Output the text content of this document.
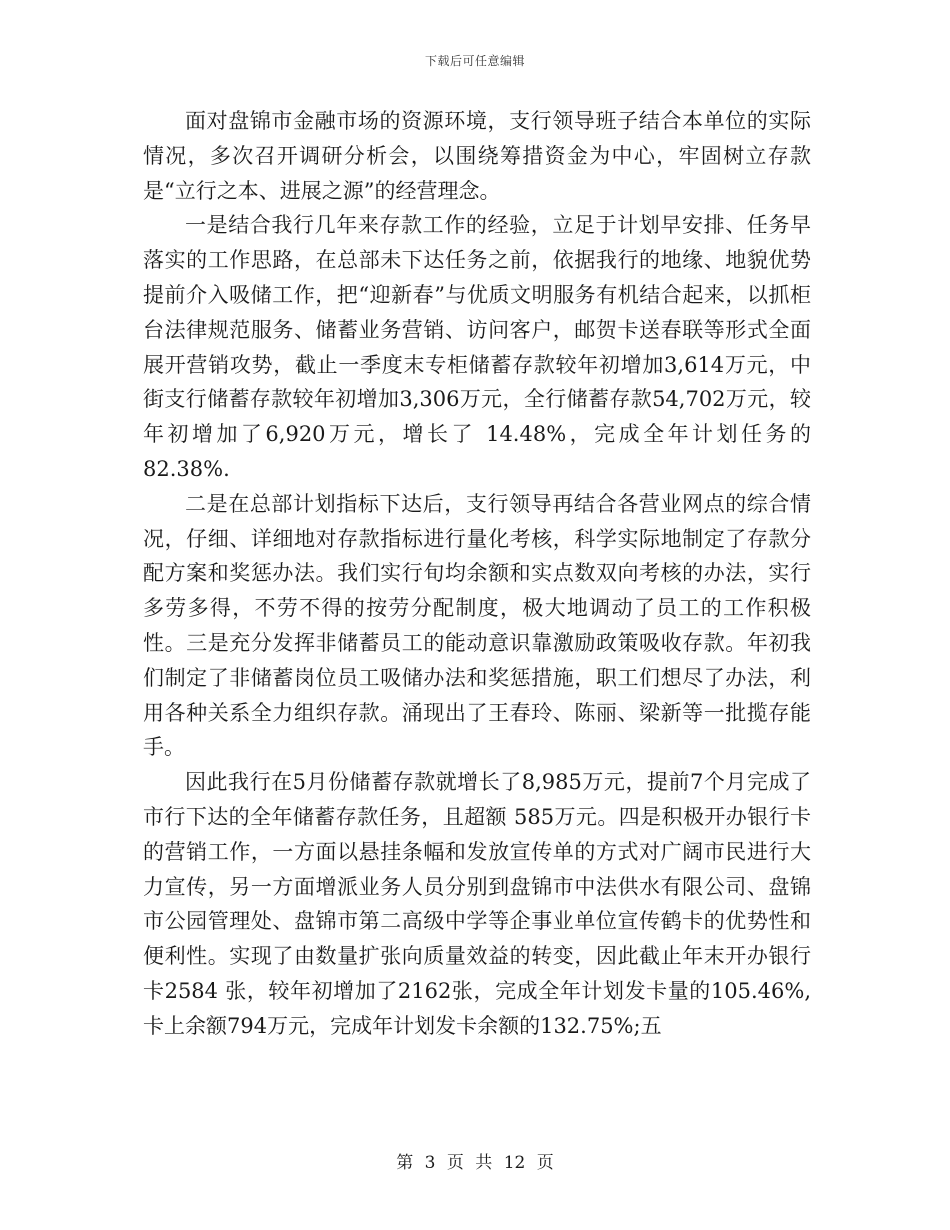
下载后可任意编辑

面对盘锦市金融市场的资源环境，支行领导班子结合本单位的实际情况，多次召开调研分析会，以围绕筹措资金为中心，牢固树立存款是“立行之本、进展之源”的经营理念。

一是结合我行几年来存款工作的经验，立足于计划早安排、任务早落实的工作思路，在总部未下达任务之前，依据我行的地缘、地貌优势提前介入吸储工作，把“迎新春”与优质文明服务有机结合起来，以抓柜台法律规范服务、储蓄业务营销、访问客户，邮贺卡送春联等形式全面展开营销攻势，截止一季度末专柜储蓄存款较年初增加3,614万元，中街支行储蓄存款较年初增加3,306万元，全行储蓄存款54,702万元，较年初增加了6,920万元，增长了 14.48%，完成全年计划任务的82.38%.

二是在总部计划指标下达后，支行领导再结合各营业网点的综合情况，仔细、详细地对存款指标进行量化考核，科学实际地制定了存款分配方案和奖惩办法。我们实行旬均余额和实点数双向考核的办法，实行多劳多得，不劳不得的按劳分配制度，极大地调动了员工的工作积极性。三是充分发挥非储蓄员工的能动意识靠激励政策吸收存款。年初我们制定了非储蓄岗位员工吸储办法和奖惩措施，职工们想尽了办法，利用各种关系全力组织存款。涌现出了王春玲、陈丽、梁新等一批揽存能手。

因此我行在5月份储蓄存款就增长了8,985万元，提前7个月完成了市行下达的全年储蓄存款任务，且超额 585万元。四是积极开办银行卡的营销工作，一方面以悬挂条幅和发放宣传单的方式对广阔市民进行大力宣传，另一方面增派业务人员分别到盘锦市中法供水有限公司、盘锦市公园管理处、盘锦市第二高级中学等企事业单位宣传鹤卡的优势性和便利性。实现了由数量扩张向质量效益的转变，因此截止年末开办银行卡2584 张，较年初增加了2162张，完成全年计划发卡量的105.46%,卡上余额794万元，完成年计划发卡余额的132.75%;五

第 3 页 共 12 页
